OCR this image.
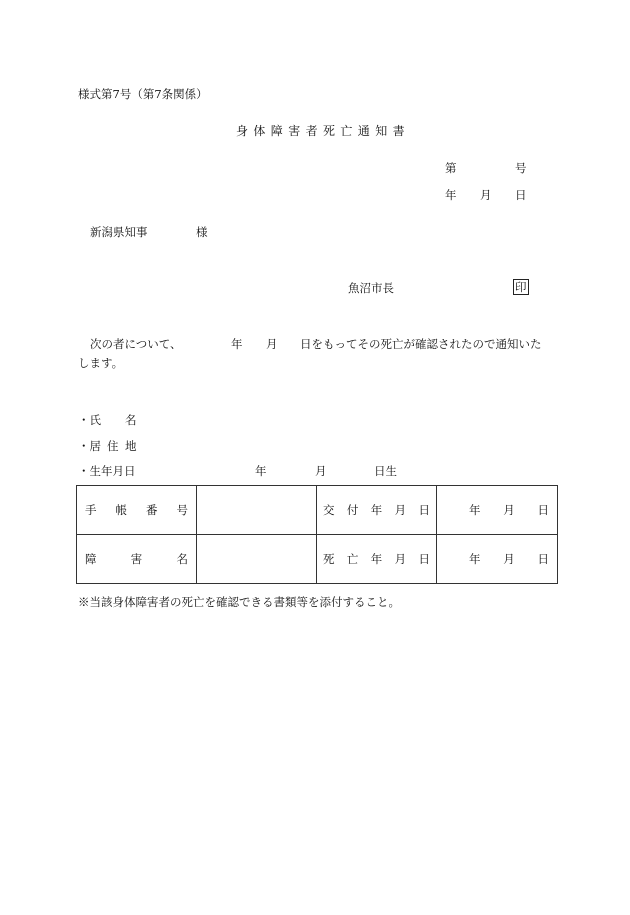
様式第7号（第7条関係）
身体障害者死亡通知書
第	号
年 月 日
新潟県知事	様
魚沼市長	印
次の者について、	年 月 日をもってその死亡が確認されたので通知いた
します。
・氏 名
・居 住 地
・生年月日	年	月	日生
手 帳 番 号		交 付 年 月 日	年 月 日

障 害 名		死 亡 年 月 日	年 月 日
※当該身体障害者の死亡を確認できる書類等を添付すること。
